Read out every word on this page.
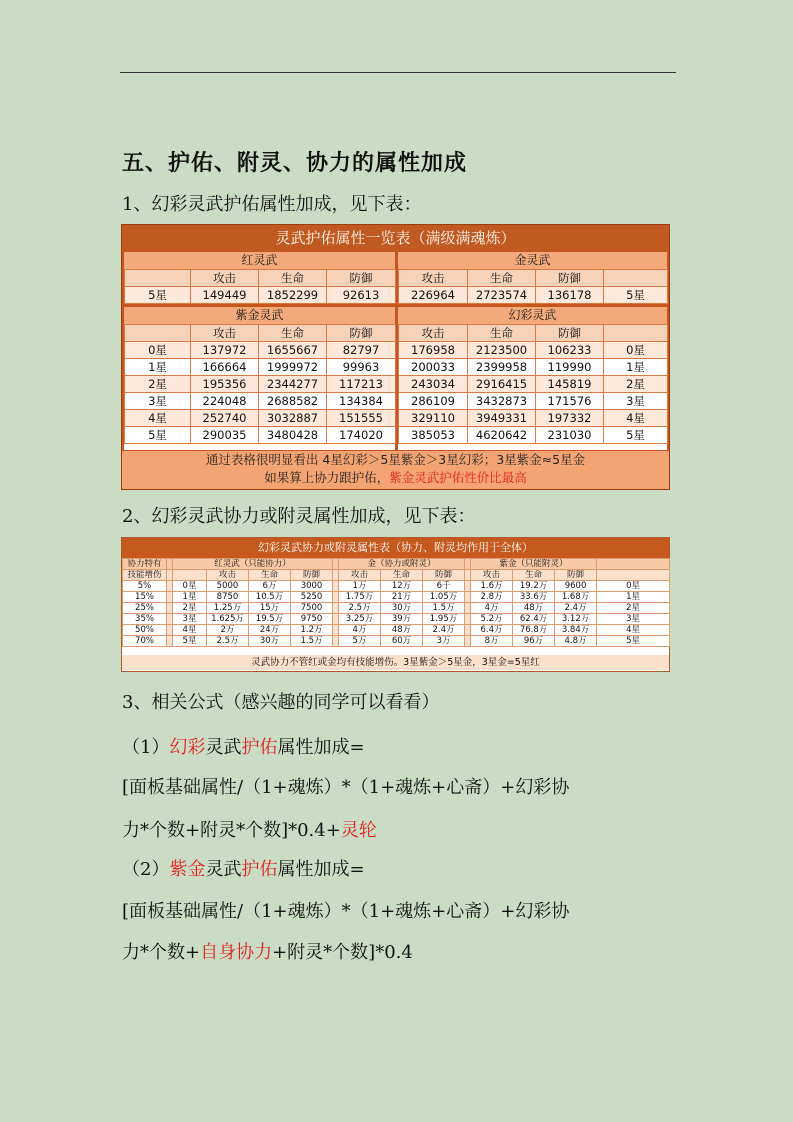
五、护佑、附灵、协力的属性加成
1、幻彩灵武护佑属性加成，见下表：
灵武护佑属性一览表（满级满魂炼）
红灵武
	攻击	生命	防御
5星	149449	1852299	92613
金灵武
攻击	生命	防御	
226964	2723574	136178	5星
紫金灵武
	攻击	生命	防御
0星	137972	1655667	82797
1星	166664	1999972	99963
2星	195356	2344277	117213
3星	224048	2688582	134384
4星	252740	3032887	151555
5星	290035	3480428	174020
幻彩灵武
攻击	生命	防御	
176958	2123500	106233	0星
200033	2399958	119990	1星
243034	2916415	145819	2星
286109	3432873	171576	3星
329110	3949331	197332	4星
385053	4620642	231030	5星
通过表格很明显看出 4星幻彩＞5星紫金＞3星幻彩；3星紫金≈5星金
如果算上协力跟护佑，紫金灵武护佑性价比最高
2、幻彩灵武协力或附灵属性加成，见下表：
幻彩灵武协力或附灵属性表（协力、附灵均作用于全体）
协力特有		红灵武（只能协力）					金（协力或附灵）				紫金（只能附灵）			
技能增伤			攻击	生命	防御		攻击	生命	防御		攻击	生命	防御	
5%		0星	5000	6万	3000		1万	12万	6千		1.6万	19.2万	9600	0星
15%		1星	8750	10.5万	5250		1.75万	21万	1.05万		2.8万	33.6万	1.68万	1星
25%		2星	1.25万	15万	7500		2.5万	30万	1.5万		4万	48万	2.4万	2星
35%		3星	1.625万	19.5万	9750		3.25万	39万	1.95万		5.2万	62.4万	3.12万	3星
50%		4星	2万	24万	1.2万		4万	48万	2.4万		6.4万	76.8万	3.84万	4星
70%		5星	2.5万	30万	1.5万		5万	60万	3万		8万	96万	4.8万	5星
灵武协力不管红或金均有技能增伤。3星紫金＞5星金，3星金=5星红
3、相关公式（感兴趣的同学可以看看）
（1）幻彩灵武护佑属性加成=
[面板基础属性/（1+魂炼）*（1+魂炼+心斋）+幻彩协
力*个数+附灵*个数]*0.4+灵轮
（2）紫金灵武护佑属性加成=
[面板基础属性/（1+魂炼）*（1+魂炼+心斋）+幻彩协
力*个数+自身协力+附灵*个数]*0.4
